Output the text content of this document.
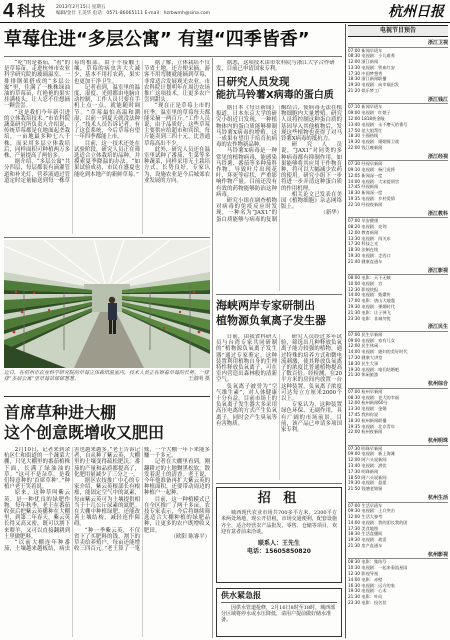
4 科技 2013年2月15日 星期五
编辑/金仕 王美华 电话：0571-86065111 E-mail：hzrbwmh@sina.com	杭州日报
草莓住进“多层公寓” 有望“四季皆香”

“吃”的是番茄，“看”的是草莓苗。走进杭州市农业科学研究院的玻璃温室，一排排钢架搭成的“多层公寓”里，住满了一株株绿油油的草莓苗，红艳艳的果实挂满枝头，让人忍不住想摘一颗尝尝。

“这是我们今年新引进的立体栽培技术。”市农科院蔬菜研究所负责人介绍说，传统草莓都是在地面起垄栽培，一亩地最多种七八千株，而采用多层立体栽培后，同样面积可种植两万多株，产量提高了两倍多。

据介绍，“多层公寓”共分四层，每层都装有滴灌管道和补光灯，营养液通过管道定时定量输送到每一株草莓的根部。由于不接触土壤，草莓的病虫害大大减少，基本不用打农药，果实也更加干净卫生。

记者看到，温室里的温度、湿度、光照都由电脑自动控制，工作人员只要在手机上点一点，就能随时调节。“草莓最怕高温和潮湿，以前一到夏天就没法种了。”技术人员告诉记者，有了这套系统，今后草莓有望一年四季都能上市。

目前，这一技术还处在试验阶段，研究人员正在筛选适合立体栽培的品种，并摸索夏季降温的办法。“如果试验成功，市民在盛夏也能吃到本地产的新鲜草莓。”

据了解，立体栽培不仅节省土地，还方便采摘，游客不用弯腰就能摘到草莓，非常适合发展观光农业。市农科院计划明年在周边农场推广这项技术，让更多农户尝到甜头。

“现在正是草莓上市的旺季，温室里的草莓每天都能采摘一两百斤。”工作人员说，由于品质好，这些草莓主要供应给超市和宾馆，每斤能卖到三四十元，比普通草莓高出不少。

此外，研究人员还在温室里试种了番茄、生菜等多种蔬菜，同样采用无土栽培方式，长势良好。专家认为，设施农业是今后城郊农业发展的方向。

据悉，这项技术由市农科院与浙江大学合作研发，目前已申请国家专利。
日研究人员发现
能抗马铃薯X病毒的蛋白质

据日本《每日新闻》报道，日本东京大学的研究小组近日发现，一种植物体内的蛋白质能够抑制马铃薯X病毒的增殖。这一成果有望用于培育抗病毒的农作物新品种。

马铃薯X病毒是一种常见的植物病毒，能感染马铃薯、番茄等多种茄科作物，导致叶片出现花叶、坏死等症状，严重影响作物产量。目前还没有有效的药物能够防治这种病毒。

研究小组在调查植物对病毒的免疫反应时发现，一种名为“JAX1”的蛋白质能够与病毒的复制酶结合，使病毒无法在植物细胞内大量增殖。研究人员将控制这种蛋白质的基因导入其他植物后，发现这些植物也获得了对马铃薯X病毒的抵抗力。

研究人员说，“JAX1”对同类的多种病毒都有抑制作用，如果能够将其应用于作物育种，将可以大幅减少农药的使用。研究小组下一步将进一步弄清这种蛋白质的作用机理。

相关论文已发表在美国《植物细胞》杂志网络版上。

（新华）

近日，在杭州市农业科学研究院的草莓立体栽培温室内，技术人员正在察看草莓的长势。一排排“多层公寓”里草莓苗郁郁葱葱。	王淑明 摄
海峡两岸专家研制出
植物源负氧离子发生器

日前，由我省科研人员与台湾专家共同研制的“植物源负氧离子发生器”通过专家鉴定。这种装置利用植物自身的生理特性释放负氧离子，可在室内营造出森林般的清新空气。

负氧离子被誉为“空气维生素”，对人体健康十分有益。目前市场上的负氧离子发生器大多采用高压电离的方式产生负氧离子，同时会产生臭氧等有害物质。

研究人员经过多年试验，筛选出几种释放负氧离子能力较强的植物，通过特殊的培养方式和微电流刺激，使其释放负氧离子的浓度比普通植物提高了数百倍。经检测，在20平方米的房间内放置一台这种装置，负氧离子浓度可达每立方厘米2000个以上。

专家认为，这种装置绿色环保、无副作用，具有广阔的市场前景。目前，该产品已申请多项国家专利。

首席草种进大棚
这个创意既增收又肥田

2月10日，记者来到余杭区仁和街道的一个蔬菜大棚，只见大棚里的番茄植株下面，长满了绿油油的草。“这可不是杂草，是我们特意种的‘首席草种’。”种植户老王笑着说。

原来，这种草叫紫云英，是一种优良的绿肥作物。每年秋季，老王在番茄收获后把紫云英播种在大棚里，到第二年春天，紫云英长得又高又密，既可以割下来喂羊，又可以直接翻耕到土里做肥料。

“以前大棚连年种番茄，土壤越来越板结，病虫害也越来越多。”老王告诉记者，自从种了紫云英，大棚里的土壤变得疏松肥沃，番茄的产量和品质都提高了，化肥用量减少了三分之一。

据区农技推广中心的专家介绍，紫云英根部长有根瘤，能固定空气中的氮素，每亩紫云英可为土壤提供相当于十几公斤尿素的氮肥。在大棚中种植绿肥，还能改善土壤结构，减轻连作障碍。

“种一季紫云英，不仅省下了买肥料的钱，割下的草卖给养殖户，每亩还能增收三四百元。”老王算了一笔账，一个大棚一年下来能多赚一千多元。

记者在大棚里看到，刚翻耕过的土地黝黑松软，散发着泥土的清香。老王说，今年他准备再扩大紫云英的种植面积，还要带动周边的种植户一起种。

目前，这一种植模式已在全区推广了两千多亩。农技专家表示，今后将继续筛选适合大棚种植的绿肥品种，让更多的农户既增收又肥田。

（欧阳 陈睿平）

招 租
城西现代农业市场共700多平方米、2300平方米两处场地，现公开招租。市场交通便利，配套设施齐全，适合经营农产品批发、零售、仓储等项目，欢迎有意者前来洽谈。
联系人：王先生
电话：15605850820
供水紧急报
因供水管道抢修，2月16日8时至18时，城西部分区域将停水或水压降低，请用户提前做好储水准备。
电视节目预告
浙江卫视
07:00 新闻早班车
08:30 电视剧：小儿难养
12:00 浙江新闻
13:30 电视剧：铁血红安
17:30 中国梦想秀
18:30 浙江新闻联播
19:30 电视剧：向幸福出发
21:20 娱乐梦工厂
浙江钱江
07:10 新闻早班车
09:00 电视剧：红娘子
12:00 1818黄金眼
13:40 电视剧：永不磨灭的番号
17:50 范大姐帮忙
18:30 小强热线
19:30 电视剧：婚姻保卫战
22:00 钱江晚新闻
浙江经视
07:30 经视早新闻
09:10 电视剧：杨门虎将
12:05 新闻深一度
14:00 电视剧：大宋提刑官
17:45 经视新闻
18:30 新闻深一度
19:35 电视剧：乡村爱情
22:10 经视夜新闻
浙江教科
07:00 早安健康
08:20 电视剧：亮剑
12:00 教育新闻
13:30 电视剧：闯关东
17:30 科技之光
18:30 法制在线
19:30 电视剧：走西口
21:40 健康直通车
浙江影视
08:00 电影：天下无贼
10:00 电视剧：宫
12:30 影视快报
14:00 电视剧：甄嬛传
17:00 电影：唐山大地震
19:30 电视剧：裸婚时代
21:30 电影：让子弹飞
23:30 电影：非诚勿扰
浙江民生
07:00 民生早新闻
09:00 电视剧：家有儿女
12:00 民生休闲
14:00 电视剧：媳妇的美好时代
17:30 健康大讲堂
18:30 民生大事
19:30 电视剧：咱们结婚吧
21:30 休闲旅游
杭州综合
07:00 杭州早新闻
08:30 电视剧：老大的幸福
12:00 杭州新闻60分
13:30 电视剧：金婚
17:45 我和你说
18:30 杭州新闻联播
19:35 电视剧：北京青年
22:00 杭州夜新闻
杭州明珠
07:30 明珠早新闻
09:00 电视剧：新上海滩
12:00 阿六头说新闻
13:40 电视剧：潜伏
17:30 明珠新闻
18:50 阿六头说新闻
19:30 电视剧：悬崖
21:50 钱塘老娘舅
杭州生活
07:00 生活早班车
09:30 电视剧：士兵突击
12:00 生活大参考
14:00 电视剧：我的团长我的团
17:30 美食地图
18:30 生活直播间
19:30 电视剧：战雷
21:30 房产直通车
杭州影视
08:30 电影：集结号
10:30 电视剧：一起来看流星雨
12:30 影视导视
14:00 电影：赤壁
16:30 电视剧：远方的家
19:30 电视剧：心术
21:30 电影：叶问
23:30 电影：投名状
